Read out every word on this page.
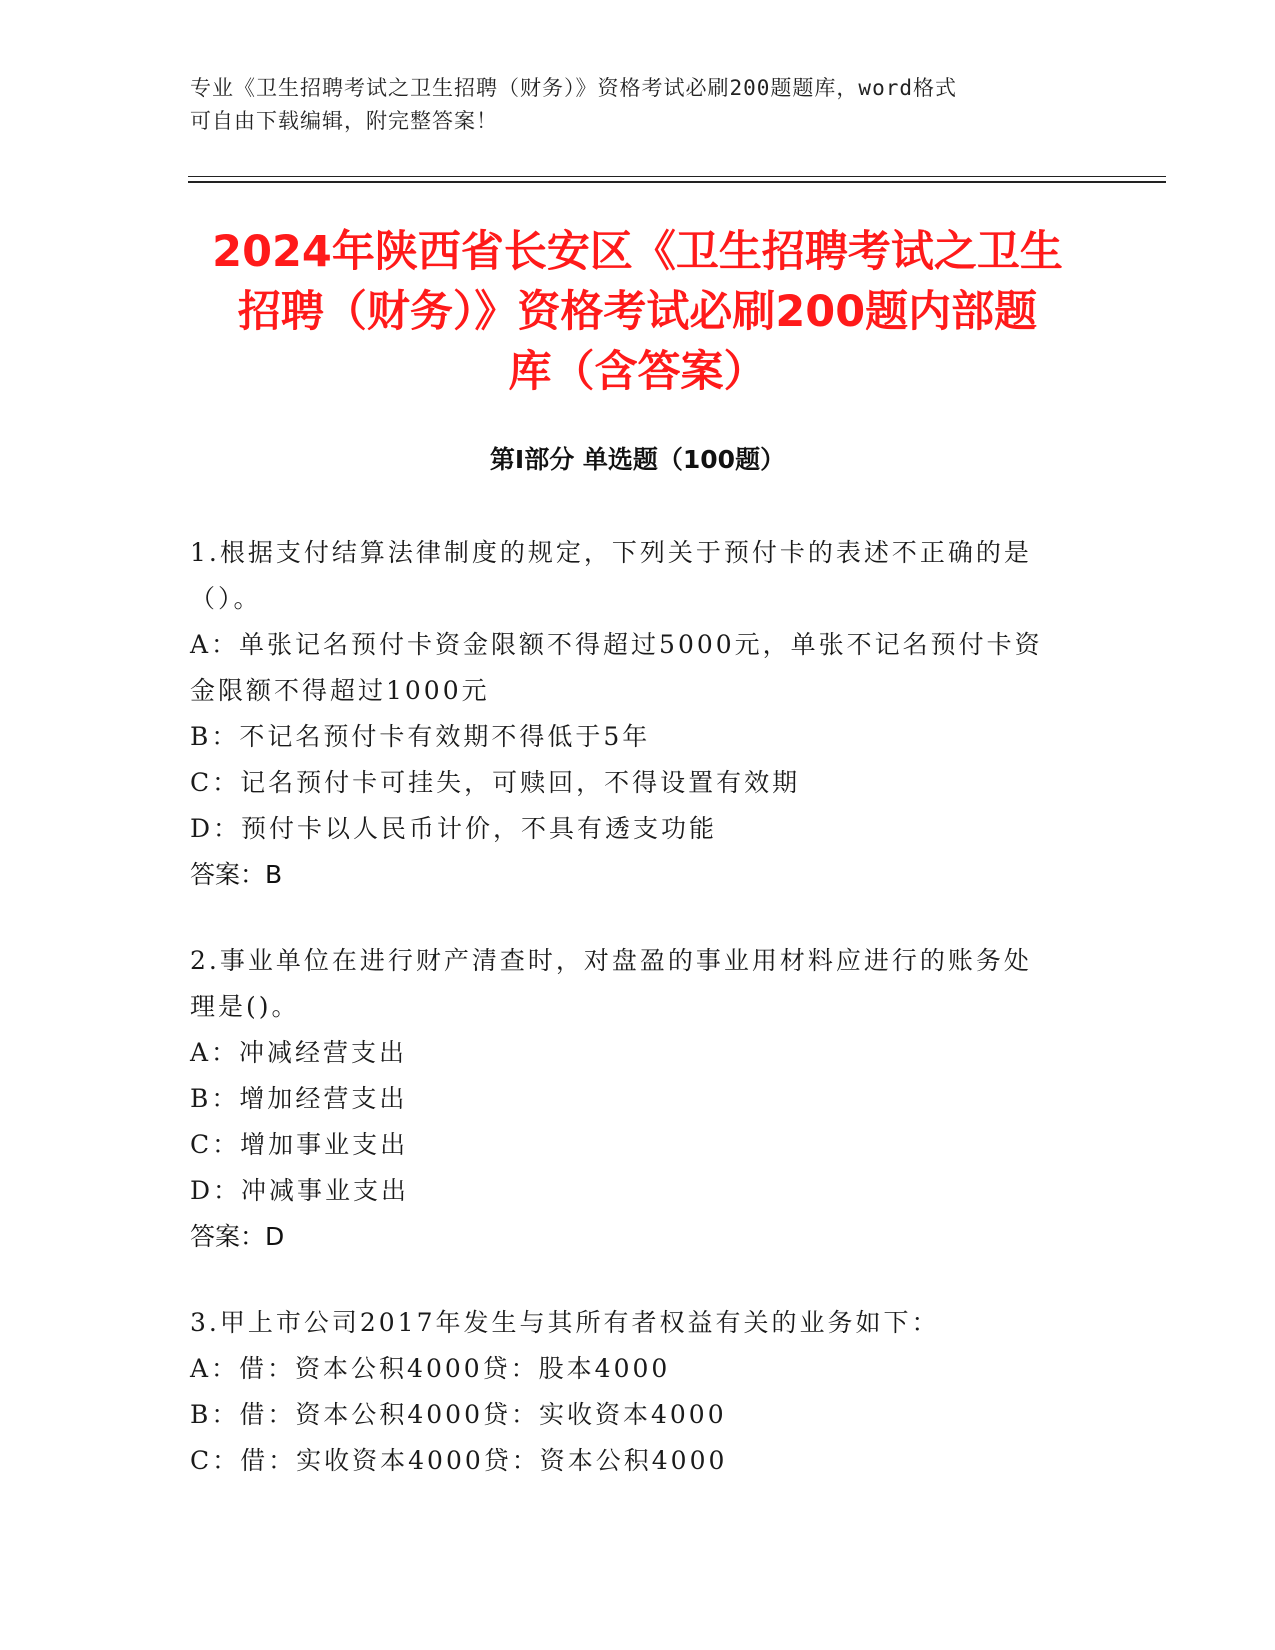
专业《卫生招聘考试之卫生招聘（财务）》资格考试必刷200题题库，word格式
可自由下载编辑，附完整答案！
2024年陕西省长安区《卫生招聘考试之卫生
招聘（财务）》资格考试必刷200题内部题
库（含答案）
第Ⅰ部分 单选题（100题）
1.根据支付结算法律制度的规定，下列关于预付卡的表述不正确的是
（）。
A：单张记名预付卡资金限额不得超过5000元，单张不记名预付卡资
金限额不得超过1000元
B：不记名预付卡有效期不得低于5年
C：记名预付卡可挂失，可赎回，不得设置有效期
D：预付卡以人民币计价，不具有透支功能
答案：B
2.事业单位在进行财产清查时，对盘盈的事业用材料应进行的账务处
理是()。
A：冲减经营支出
B：增加经营支出
C：增加事业支出
D：冲减事业支出
答案：D
3.甲上市公司2017年发生与其所有者权益有关的业务如下：
A：借：资本公积4000贷：股本4000
B：借：资本公积4000贷：实收资本4000
C：借：实收资本4000贷：资本公积4000
